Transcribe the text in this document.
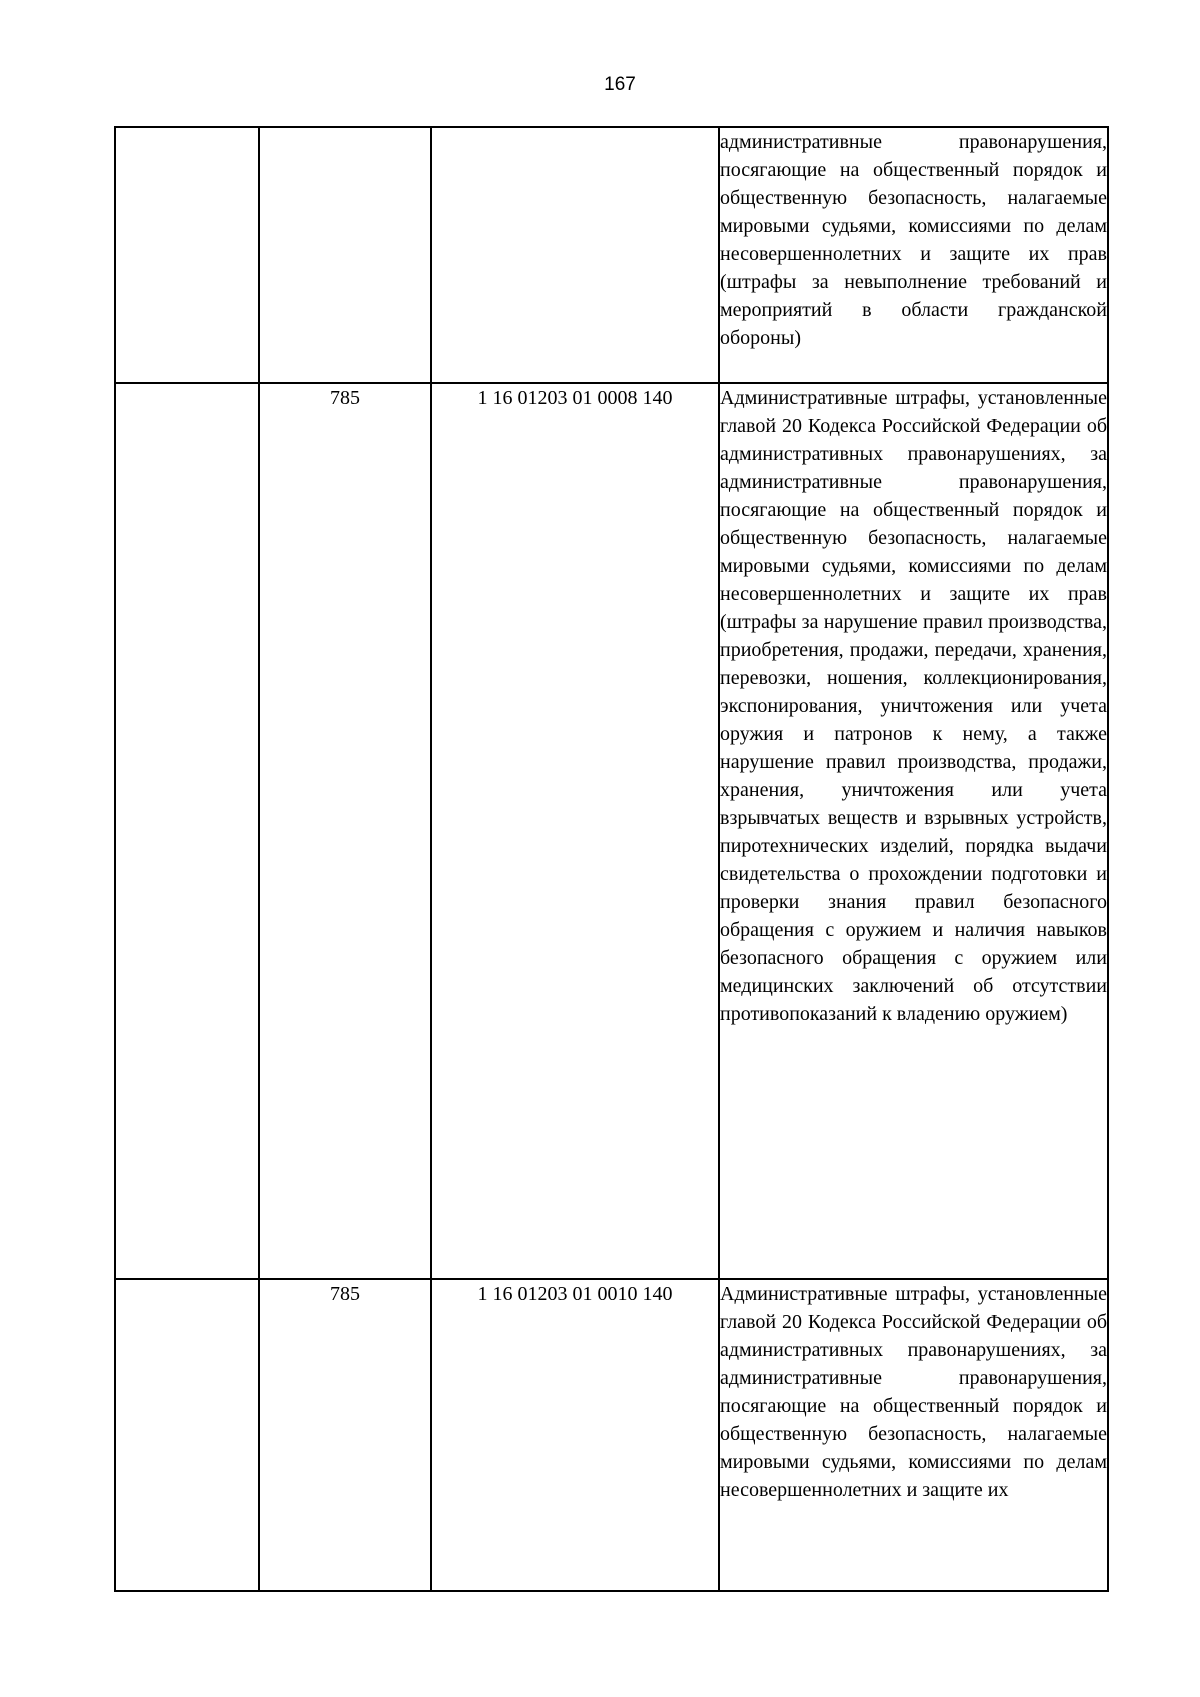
167
			административные правонарушения, посягающие на общественный порядок и общественную безопасность, налагаемые мировыми судьями, комиссиями по делам несовершеннолетних и защите их прав (штрафы за невыполнение требований и мероприятий в области гражданской обороны)
	785	1 16 01203 01 0008 140	Административные штрафы, установленные главой 20 Кодекса Российской Федерации об административных правонарушениях, за административные правонарушения, посягающие на общественный порядок и общественную безопасность, налагаемые мировыми судьями, комиссиями по делам несовершеннолетних и защите их прав (штрафы за нарушение правил производства, приобретения, продажи, передачи, хранения, перевозки, ношения, коллекционирования, экспонирования, уничтожения или учета оружия и патронов к нему, а также нарушение правил производства, продажи, хранения, уничтожения или учета взрывчатых веществ и взрывных устройств, пиротехнических изделий, порядка выдачи свидетельства о прохождении подготовки и проверки знания правил безопасного обращения с оружием и наличия навыков безопасного обращения с оружием или медицинских заключений об отсутствии противопоказаний к владению оружием)
	785	1 16 01203 01 0010 140	Административные штрафы, установленные главой 20 Кодекса Российской Федерации об административных правонарушениях, за административные правонарушения, посягающие на общественный порядок и общественную безопасность, налагаемые мировыми судьями, комиссиями по делам несовершеннолетних и защите их
